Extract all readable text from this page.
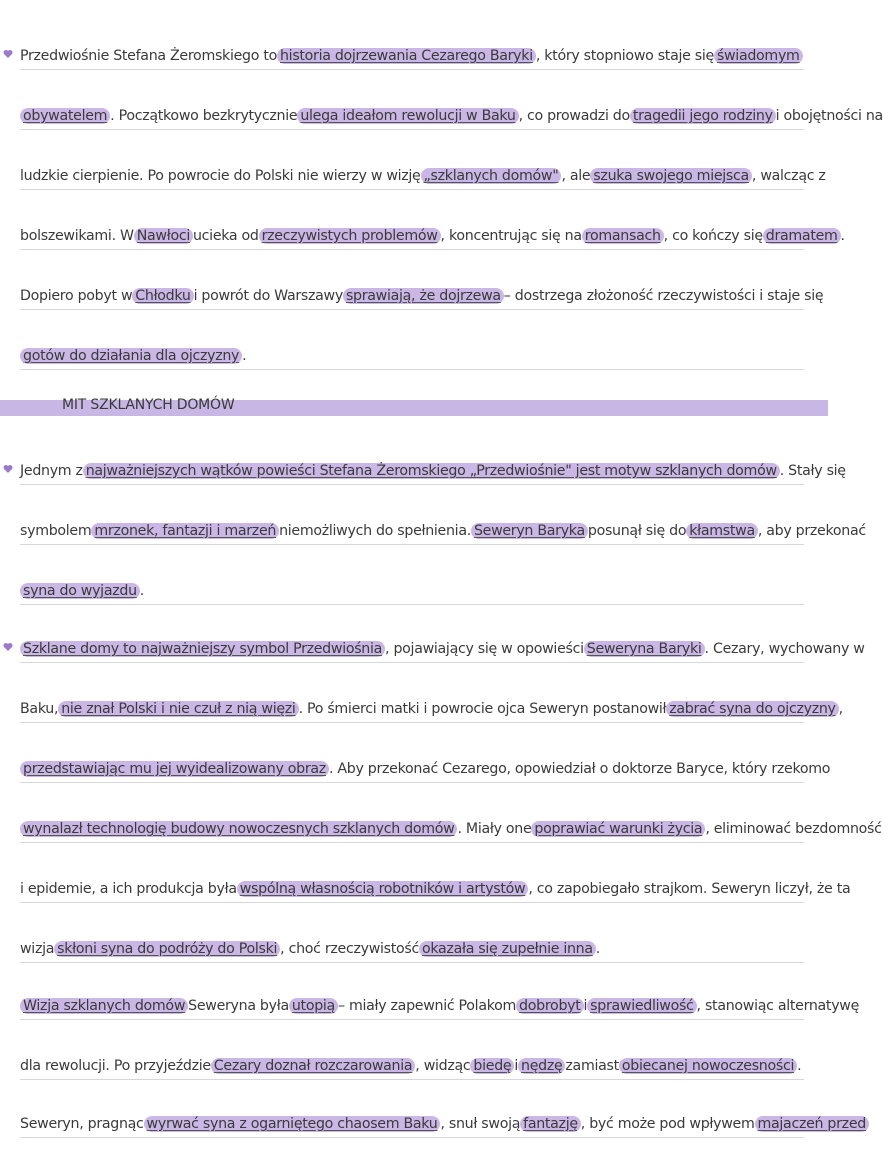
Przedwiośnie Stefana Żeromskiego to historia dojrzewania Cezarego Baryki , który stopniowo staje się świadomym
obywatelem . Początkowo bezkrytycznie ulega ideałom rewolucji w Baku , co prowadzi do tragedii jego rodziny i obojętności na
ludzkie cierpienie. Po powrocie do Polski nie wierzy w wizję „szklanych domów" , ale szuka swojego miejsca , walcząc z
bolszewikami. W Nawłoci ucieka od rzeczywistych problemów , koncentrując się na romansach , co kończy się dramatem .
Dopiero pobyt w Chłodku i powrót do Warszawy sprawiają, że dojrzewa – dostrzega złożoność rzeczywistości i staje się
gotów do działania dla ojczyzny .
Jednym z najważniejszych wątków powieści Stefana Żeromskiego „Przedwiośnie" jest motyw szklanych domów . Stały się
symbolem mrzonek, fantazji i marzeń niemożliwych do spełnienia. Seweryn Baryka posunął się do kłamstwa , aby przekonać
syna do wyjazdu .
Szklane domy to najważniejszy symbol Przedwiośnia , pojawiający się w opowieści Seweryna Baryki . Cezary, wychowany w
Baku, nie znał Polski i nie czuł z nią więzi . Po śmierci matki i powrocie ojca Seweryn postanowił zabrać syna do ojczyzny ,
przedstawiając mu jej wyidealizowany obraz . Aby przekonać Cezarego, opowiedział o doktorze Baryce, który rzekomo
wynalazł technologię budowy nowoczesnych szklanych domów . Miały one poprawiać warunki życia , eliminować bezdomność
i epidemie, a ich produkcja była wspólną własnością robotników i artystów , co zapobiegało strajkom. Seweryn liczył, że ta
wizja skłoni syna do podróży do Polski , choć rzeczywistość okazała się zupełnie inna .
Wizja szklanych domów Seweryna była utopią – miały zapewnić Polakom dobrobyt i sprawiedliwość , stanowiąc alternatywę
dla rewolucji. Po przyjeździe Cezary doznał rozczarowania , widząc biedę i nędzę zamiast obiecanej nowoczesności .
Seweryn, pragnąc wyrwać syna z ogarniętego chaosem Baku , snuł swoją fantazję , być może pod wpływem majaczeń przed
MIT SZKLANYCH DOMÓW
